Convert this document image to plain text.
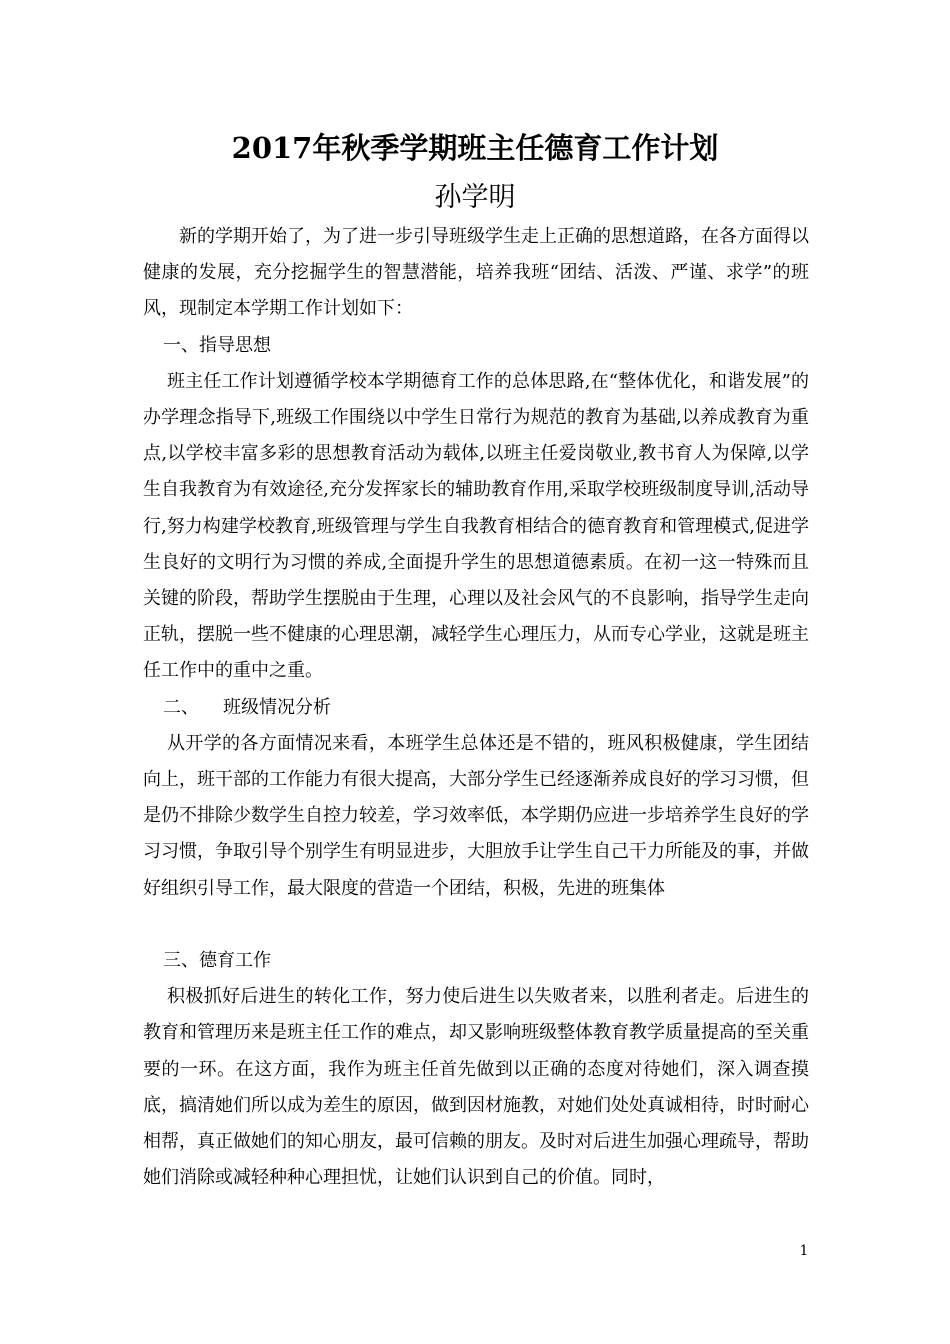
2017年秋季学期班主任德育工作计划
孙学明

新的学期开始了，为了进一步引导班级学生走上正确的思想道路，在各方面得以健康的发展，充分挖掘学生的智慧潜能，培养我班“团结、活泼、严谨、求学”的班风，现制定本学期工作计划如下：

一、指导思想

班主任工作计划遵循学校本学期德育工作的总体思路,在“整体优化，和谐发展”的办学理念指导下,班级工作围绕以中学生日常行为规范的教育为基础,以养成教育为重点,以学校丰富多彩的思想教育活动为载体,以班主任爱岗敬业,教书育人为保障,以学生自我教育为有效途径,充分发挥家长的辅助教育作用,采取学校班级制度导训,活动导行,努力构建学校教育,班级管理与学生自我教育相结合的德育教育和管理模式,促进学生良好的文明行为习惯的养成,全面提升学生的思想道德素质。在初一这一特殊而且关键的阶段，帮助学生摆脱由于生理，心理以及社会风气的不良影响，指导学生走向正轨，摆脱一些不健康的心理思潮，减轻学生心理压力，从而专心学业，这就是班主任工作中的重中之重。

二、 班级情况分析

从开学的各方面情况来看，本班学生总体还是不错的，班风积极健康，学生团结向上，班干部的工作能力有很大提高，大部分学生已经逐渐养成良好的学习习惯，但是仍不排除少数学生自控力较差，学习效率低，本学期仍应进一步培养学生良好的学习习惯，争取引导个别学生有明显进步，大胆放手让学生自己干力所能及的事，并做好组织引导工作，最大限度的营造一个团结，积极，先进的班集体

三、德育工作

积极抓好后进生的转化工作，努力使后进生以失败者来，以胜利者走。后进生的教育和管理历来是班主任工作的难点，却又影响班级整体教育教学质量提高的至关重要的一环。在这方面，我作为班主任首先做到以正确的态度对待她们，深入调查摸底，搞清她们所以成为差生的原因，做到因材施教，对她们处处真诚相待，时时耐心相帮，真正做她们的知心朋友，最可信赖的朋友。及时对后进生加强心理疏导，帮助她们消除或减轻种种心理担忧，让她们认识到自己的价值。同时，

1
